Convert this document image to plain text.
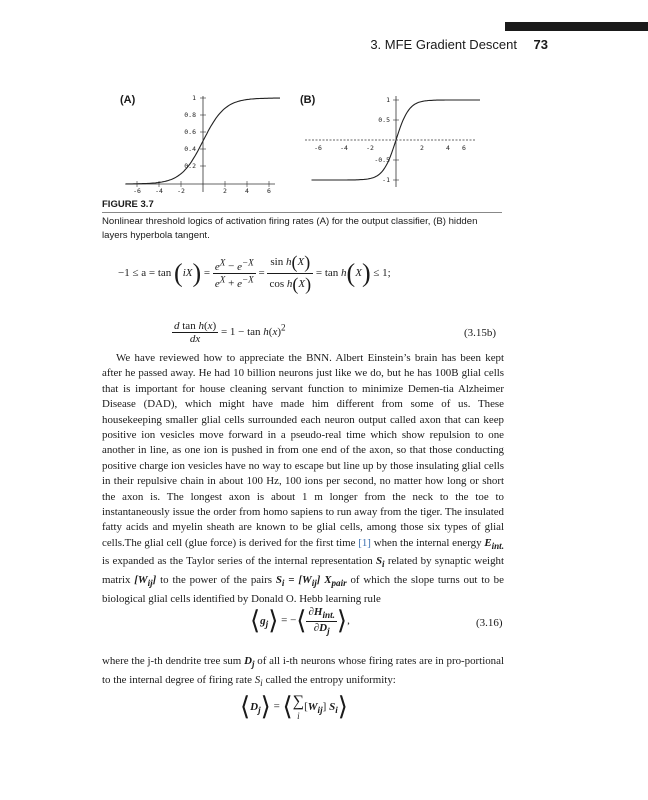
3. MFE Gradient Descent 73
(A)	1
0.8
0.6
0.4
0.2
-6 -4 -2	2	4	6
(B)	1
0.5
-0.5
-1
-6	-4	-2	2	4 6
FIGURE 3.7
Nonlinear threshold logics of activation firing rates (A) for the output classifier, (B) hidden layers hyperbola tangent.
$-1 \le a = \tan (iX) = \frac{e^X - e^{-X}}{e^X + e^{-X}} = \frac{\text{sin h(X)}}{\text{cos h(X)}} = \tan h(X) \le 1$;
$\frac{\text{d tan h(x)}}{dx} = 1 - \tan h(x)^2$	(3.15b)

We have reviewed how to appreciate the BNN. Albert Einstein’s brain has been kept after he passed away. He had 10 billion neurons just like we do, but he has 100B glial cells that is important for house cleaning servant function to minimize Demen-tia Alzheimer Disease (DAD), which might have made him different from some of us. These housekeeping smaller glial cells surrounded each neuron output called axon that can keep positive ion vesicles move forward in a pseudo-real time which show repulsion to one another in line, as one ion is pushed in from one end of the axon, so that those conducting positive charge ion vesicles have no way to escape but line up by those insulating glial cells in their repulsive chain in about 100 Hz, 100 ions per second, no matter how long or short the axon is. The longest axon is about 1 m longer from the neck to the toe to instantaneously issue the order from homo sapiens to run away from the tiger. The insulated fatty acids and myelin sheath are known to be glial cells, among those six types of glial cells.The glial cell (glue force) is derived for the first time [1] when the internal energy $E_{int.}$ is expanded as the Taylor series of the internal representation $S_i$ related by synaptic weight matrix $[W_{ij}]$ to the power of the pairs $S_i = [W_{ij}]$ $X_{pair}$ of which the slope turns out to be biological glial cells identified by Donald O. Hebb learning rule

$⟨g_j⟩$ = −⟨ $\frac{\partial H_{int.}}{\partial D_j}$ ⟩,	(3.16)

where the j-th dendrite tree sum $D_j$ of all i-th neurons whose firing rates are in pro-portional to the internal degree of firing rate $S_i$ called the entropy uniformity:

$⟨D_j⟩$ = ⟨ ∑
i
$[W_{ij}]$ $S_i⟩$
